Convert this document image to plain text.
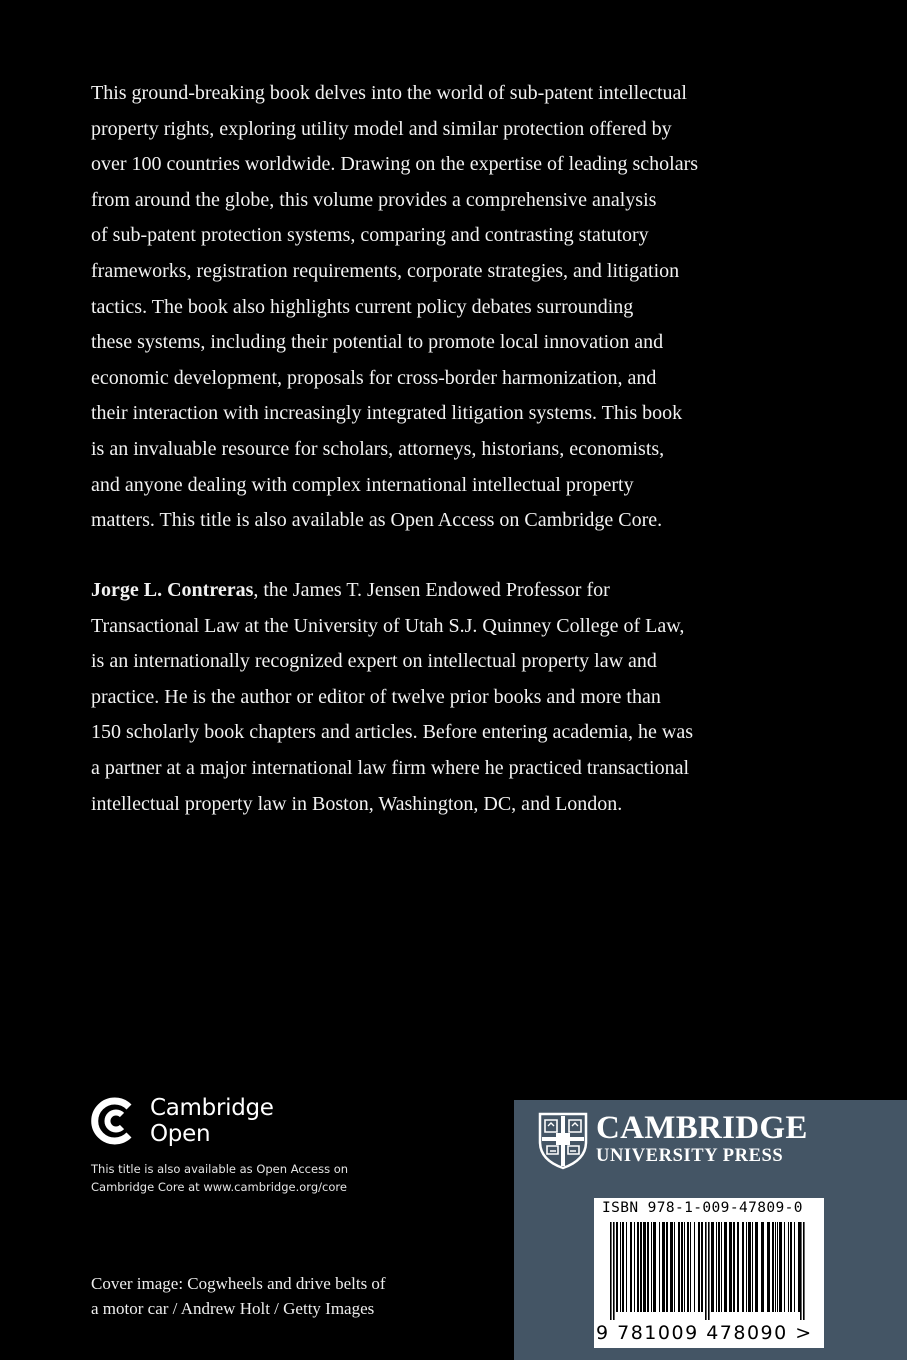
This ground-breaking book delves into the world of sub-patent intellectual
property rights, exploring utility model and similar protection offered by
over 100 countries worldwide. Drawing on the expertise of leading scholars
from around the globe, this volume provides a comprehensive analysis
of sub-patent protection systems, comparing and contrasting statutory
frameworks, registration requirements, corporate strategies, and litigation
tactics. The book also highlights current policy debates surrounding
these systems, including their potential to promote local innovation and
economic development, proposals for cross-border harmonization, and
their interaction with increasingly integrated litigation systems. This book
is an invaluable resource for scholars, attorneys, historians, economists,
and anyone dealing with complex international intellectual property
matters. This title is also available as Open Access on Cambridge Core.
Jorge L. Contreras, the James T. Jensen Endowed Professor for
Transactional Law at the University of Utah S.J. Quinney College of Law,
is an internationally recognized expert on intellectual property law and
practice. He is the author or editor of twelve prior books and more than
150 scholarly book chapters and articles. Before entering academia, he was
a partner at a major international law firm where he practiced transactional
intellectual property law in Boston, Washington, DC, and London.
Cambridge
Open
This title is also available as Open Access on
Cambridge Core at www.cambridge.org/core
Cover image: Cogwheels and drive belts of
a motor car / Andrew Holt / Getty Images
CAMBRIDGE
UNIVERSITY PRESS
ISBN 978-1-009-47809-0
9 781009 478090 >
